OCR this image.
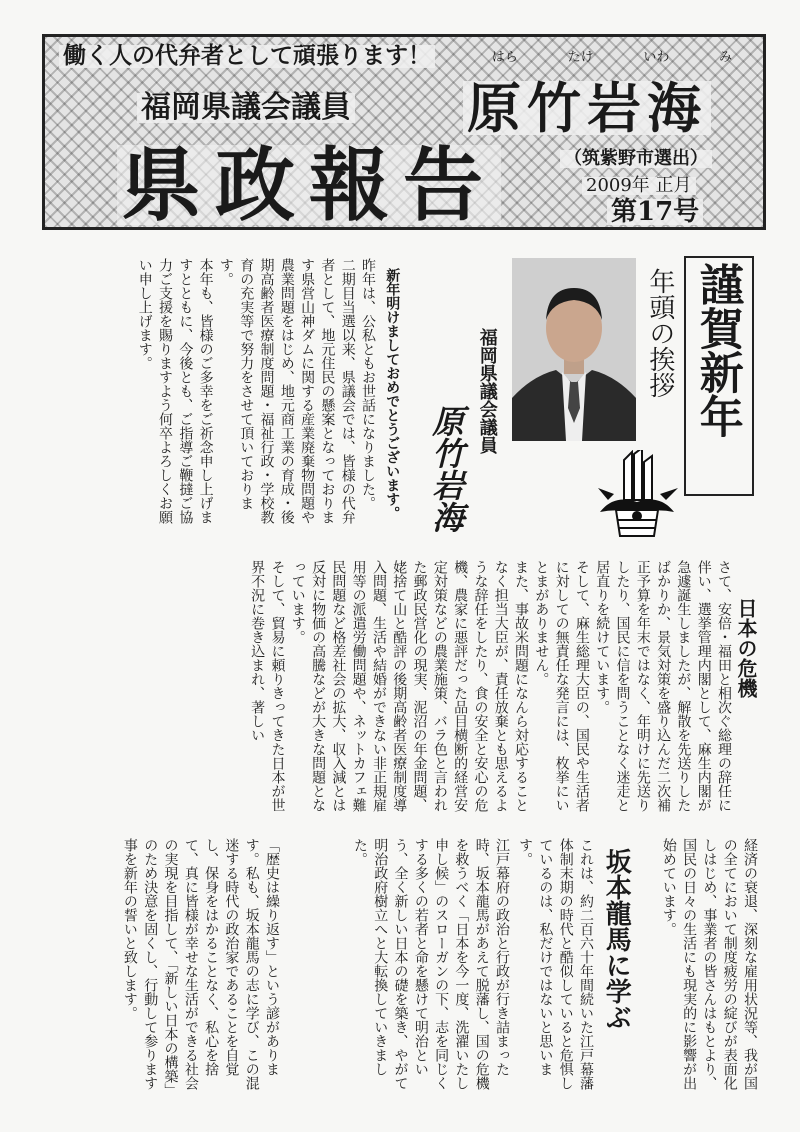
働く人の代弁者として頑張ります！	はら	たけ	いわ	み
福岡県議会議員 原竹岩海
県政報告	（筑紫野市選出）
2009年 正月
第17号
謹賀新年
年頭の挨拶
福岡県議会議員
原竹岩海
新年明けましておめでとうございます。
昨年は、公私ともお世話になりました。
二期目当選以来、県議会では、皆様の代弁者として、地元住民の懸案となっております県営山神ダムに関する産業廃棄物問題や農業問題をはじめ、地元商工業の育成・後期高齢者医療制度問題・福祉行政・学校教育の充実等で努力をさせて頂いております。
本年も、皆様のご多幸をご祈念申し上げますとともに、今後とも、ご指導ご鞭撻ご協力ご支援を賜りますよう何卒よろしくお願い申し上げます。
日本の危機
さて、安倍・福田と相次ぐ総理の辞任に伴い、選挙管理内閣として、麻生内閣が急遽誕生しましたが、解散を先送りしたばかりか、景気対策を盛り込んだ二次補正予算を年末ではなく、年明けに先送りしたり、国民に信を問うことなく迷走と居直りを続けています。
そして、麻生総理大臣の、国民や生活者に対しての無責任な発言には、枚挙にいとまがありません。
また、事故米問題になんら対応することなく担当大臣が、責任放棄とも思えるような辞任をしたり、食の安全と安心の危機、農家に悪評だった品目横断的経営安定対策などの農業施策、バラ色と言われた郵政民営化の現実、泥沼の年金問題、姥捨て山と酷評の後期高齢者医療制度導入問題、生活や結婚ができない非正規雇用等の派遣労働問題や、ネットカフェ難民問題など格差社会の拡大、収入減とは反対に物価の高騰などが大きな問題となっています。
そして、貿易に頼りきってきた日本が世界不況に巻き込まれ、著しい
経済の衰退、深刻な雇用状況等、我が国の全てにおいて制度疲労の綻びが表面化しはじめ、事業者の皆さんはもとより、国民の日々の生活にも現実的に影響が出始めています。
坂本龍馬に学ぶ
これは、約二百六十年間続いた江戸幕藩体制末期の時代と酷似していると危惧しているのは、私だけではないと思います。
江戸幕府の政治と行政が行き詰まった時、坂本龍馬があえて脱藩し、国の危機を救うべく「日本を今一度、洗濯いたし申し候」のスローガンの下、志を同じくする多くの若者と命を懸けて明治という、全く新しい日本の礎を築き、やがて明治政府樹立へと大転換していきました。
「歴史は繰り返す」という諺があります。私も、坂本龍馬の志に学び、この混迷する時代の政治家であることを自覚し、保身をはかることなく、私心を捨て、真に皆様が幸せな生活ができる社会の実現を目指して、「新しい日本の構築」のため決意を固くし、行動して参ります事を新年の誓いと致します。
